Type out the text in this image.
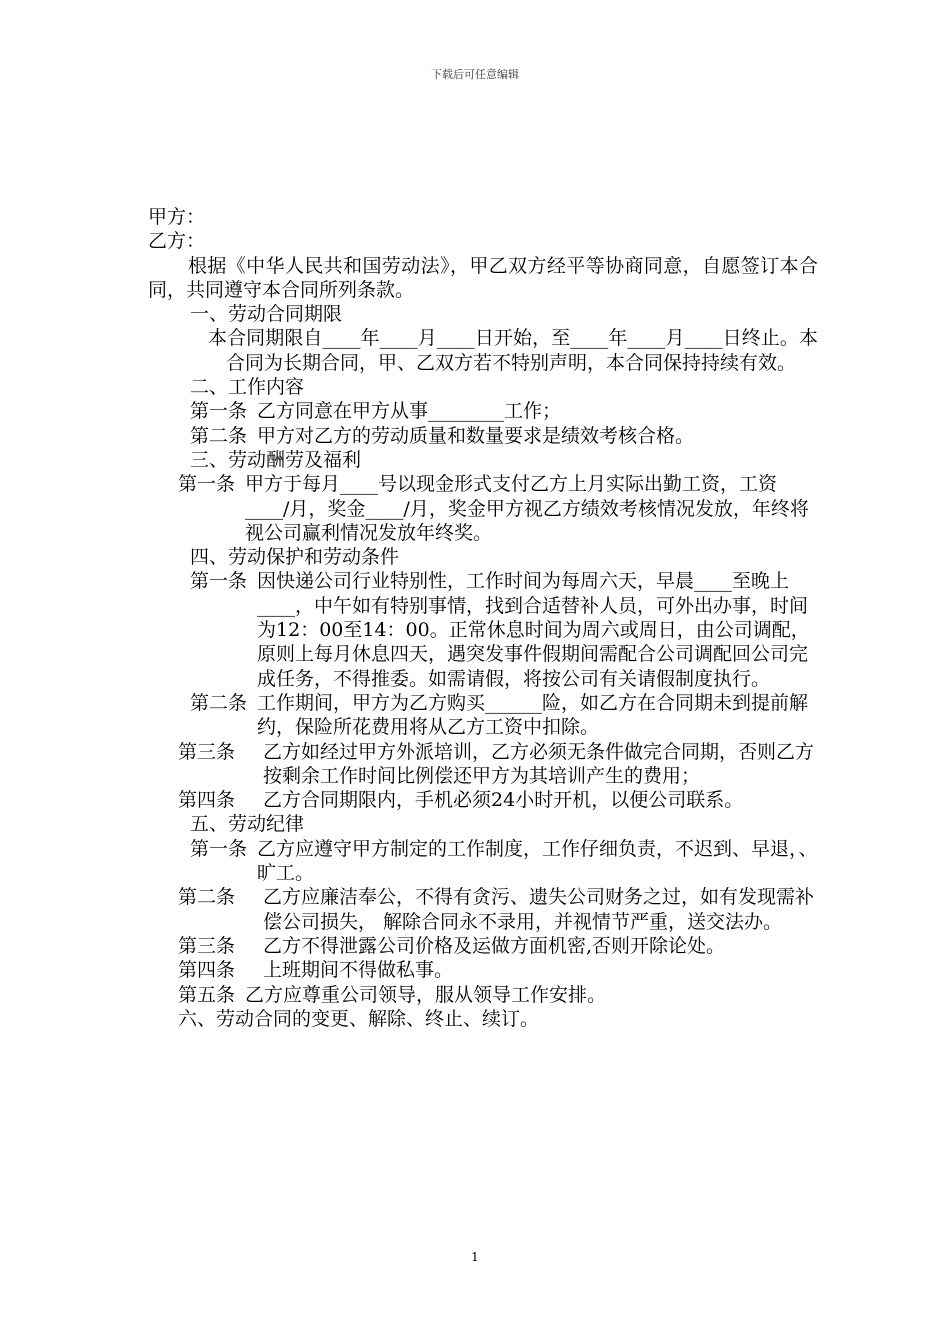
下载后可任意编辑

甲方：

乙方：

根据《中华人民共和国劳动法》，甲乙双方经平等协商同意，自愿签订本合同，共同遵守本合同所列条款。

一、劳动合同期限

本合同期限自____年____月____日开始，至____年____月____日终止。本合同为长期合同，甲、乙双方若不特别声明，本合同保持持续有效。

二、工作内容

第一条 乙方同意在甲方从事________工作；
第二条 甲方对乙方的劳动质量和数量要求是绩效考核合格。

三、劳动酬劳及福利

第一条 甲方于每月____号以现金形式支付乙方上月实际出勤工资，工资____/月，奖金____/月，奖金甲方视乙方绩效考核情况发放，年终将视公司赢利情况发放年终奖。

四、劳动保护和劳动条件

第一条 因快递公司行业特别性，工作时间为每周六天，早晨____至晚上____，中午如有特别事情，找到合适替补人员，可外出办事，时间为12：00至14：00。正常休息时间为周六或周日，由公司调配，原则上每月休息四天，遇突发事件假期间需配合公司调配回公司完成任务，不得推委。如需请假，将按公司有关请假制度执行。
第二条 工作期间，甲方为乙方购买______险，如乙方在合同期未到提前解约，保险所花费用将从乙方工资中扣除。
第三条	乙方如经过甲方外派培训，乙方必须无条件做完合同期，否则乙方按剩余工作时间比例偿还甲方为其培训产生的费用；
第四条	乙方合同期限内，手机必须24小时开机，以便公司联系。

五、劳动纪律

第一条 乙方应遵守甲方制定的工作制度，工作仔细负责，不迟到、早退，、旷工。
第二条	乙方应廉洁奉公，不得有贪污、遗失公司财务之过，如有发现需补偿公司损失， 解除合同永不录用，并视情节严重，送交法办。
第三条	乙方不得泄露公司价格及运做方面机密,否则开除论处。
第四条	上班期间不得做私事。
第五条 乙方应尊重公司领导，服从领导工作安排。

六、劳动合同的变更、解除、终止、续订。

1
